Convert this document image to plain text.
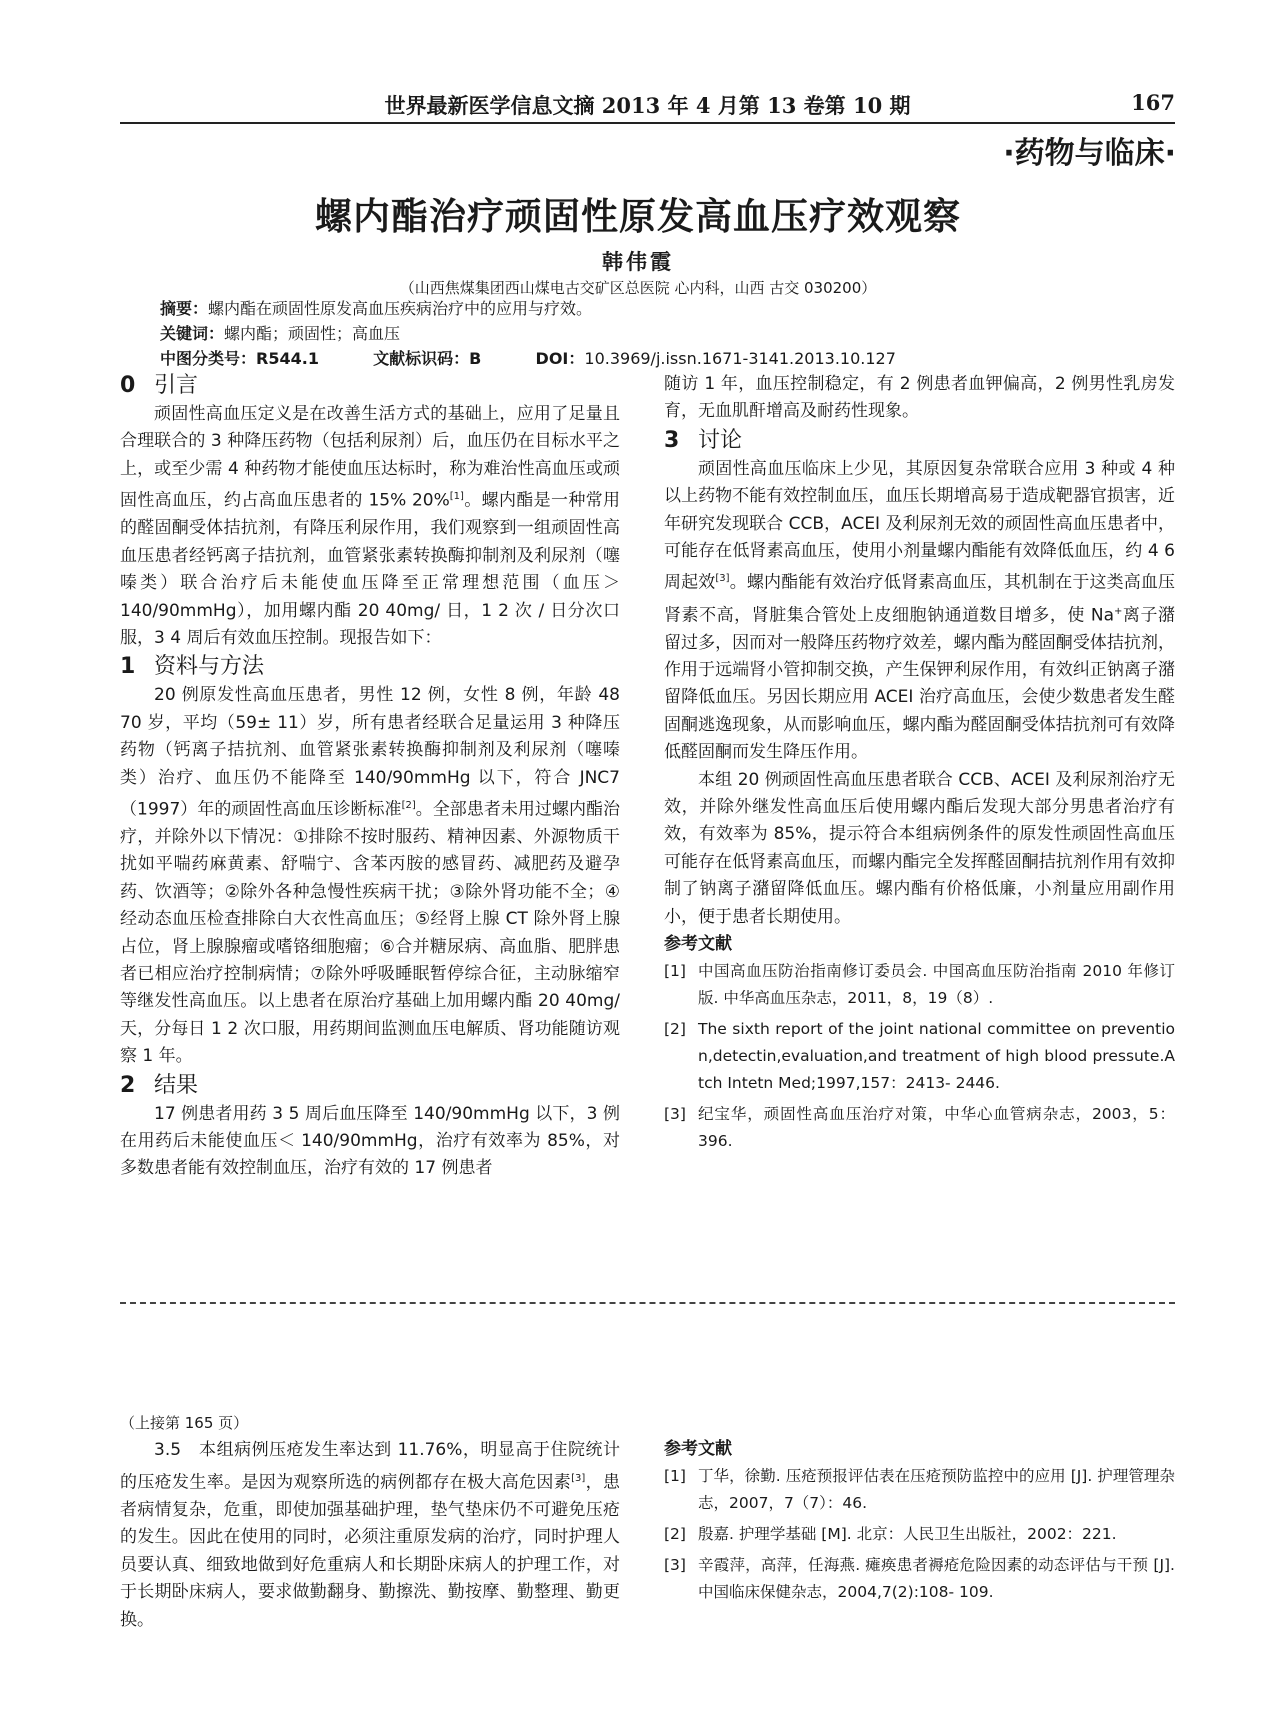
世界最新医学信息文摘 2013 年 4 月第 13 卷第 10 期	167
·药物与临床·
螺内酯治疗顽固性原发高血压疗效观察
韩伟霞
（山西焦煤集团西山煤电古交矿区总医院 心内科，山西 古交 030200）
摘要：螺内酯在顽固性原发高血压疾病治疗中的应用与疗效。
关键词：螺内酯；顽固性；高血压
中图分类号：R544.1	文献标识码：B	DOI：10.3969/j.issn.1671-3141.2013.10.127
0 引言

顽固性高血压定义是在改善生活方式的基础上，应用了足量且合理联合的 3 种降压药物（包括利尿剂）后，血压仍在目标水平之上，或至少需 4 种药物才能使血压达标时，称为难治性高血压或顽固性高血压，约占高血压患者的 15% 20%[1]。螺内酯是一种常用的醛固酮受体拮抗剂，有降压利尿作用，我们观察到一组顽固性高血压患者经钙离子拮抗剂，血管紧张素转换酶抑制剂及利尿剂（噻嗪类）联合治疗后未能使血压降至正常理想范围（血压＞ 140/90mmHg），加用螺内酯 20 40mg/ 日，1 2 次 / 日分次口服，3 4 周后有效血压控制。现报告如下：

1 资料与方法

20 例原发性高血压患者，男性 12 例，女性 8 例，年龄 48 70 岁，平均（59± 11）岁，所有患者经联合足量运用 3 种降压药物（钙离子拮抗剂、血管紧张素转换酶抑制剂及利尿剂（噻嗪类）治疗、血压仍不能降至 140/90mmHg 以下，符合 JNC7（1997）年的顽固性高血压诊断标准[2]。全部患者未用过螺内酯治疗，并除外以下情况：①排除不按时服药、精神因素、外源物质干扰如平喘药麻黄素、舒喘宁、含苯丙胺的感冒药、减肥药及避孕药、饮酒等；②除外各种急慢性疾病干扰；③除外肾功能不全；④经动态血压检查排除白大衣性高血压；⑤经肾上腺 CT 除外肾上腺占位，肾上腺腺瘤或嗜铬细胞瘤；⑥合并糖尿病、高血脂、肥胖患者已相应治疗控制病情；⑦除外呼吸睡眠暂停综合征，主动脉缩窄等继发性高血压。以上患者在原治疗基础上加用螺内酯 20 40mg/ 天，分每日 1 2 次口服，用药期间监测血压电解质、肾功能随访观察 1 年。

2 结果

17 例患者用药 3 5 周后血压降至 140/90mmHg 以下，3 例在用药后未能使血压＜ 140/90mmHg，治疗有效率为 85%，对多数患者能有效控制血压，治疗有效的 17 例患者

随访 1 年，血压控制稳定，有 2 例患者血钾偏高，2 例男性乳房发育，无血肌酐增高及耐药性现象。

3 讨论

顽固性高血压临床上少见，其原因复杂常联合应用 3 种或 4 种以上药物不能有效控制血压，血压长期增高易于造成靶器官损害，近年研究发现联合 CCB，ACEI 及利尿剂无效的顽固性高血压患者中，可能存在低肾素高血压，使用小剂量螺内酯能有效降低血压，约 4 6 周起效[3]。螺内酯能有效治疗低肾素高血压，其机制在于这类高血压肾素不高，肾脏集合管处上皮细胞钠通道数目增多，使 Na+离子潴留过多，因而对一般降压药物疗效差，螺内酯为醛固酮受体拮抗剂，作用于远端肾小管抑制交换，产生保钾利尿作用，有效纠正钠离子潴留降低血压。另因长期应用 ACEI 治疗高血压，会使少数患者发生醛固酮逃逸现象，从而影响血压，螺内酯为醛固酮受体拮抗剂可有效降低醛固酮而发生降压作用。

本组 20 例顽固性高血压患者联合 CCB、ACEI 及利尿剂治疗无效，并除外继发性高血压后使用螺内酯后发现大部分男患者治疗有效，有效率为 85%，提示符合本组病例条件的原发性顽固性高血压可能存在低肾素高血压，而螺内酯完全发挥醛固酮拮抗剂作用有效抑制了钠离子潴留降低血压。螺内酯有价格低廉，小剂量应用副作用小，便于患者长期使用。

参考文献
[1] 中国高血压防治指南修订委员会. 中国高血压防治指南 2010 年修订版. 中华高血压杂志，2011，8，19（8）.
[2] The sixth report of the joint national committee on prevention,detectin,evaluation,and treatment of high blood pressute.Atch Intetn Med;1997,157：2413- 2446.
[3] 纪宝华，顽固性高血压治疗对策，中华心血管病杂志，2003，5：396.
（上接第 165 页）

3.5　本组病例压疮发生率达到 11.76%，明显高于住院统计的压疮发生率。是因为观察所选的病例都存在极大高危因素[3]，患者病情复杂，危重，即使加强基础护理，垫气垫床仍不可避免压疮的发生。因此在使用的同时，必须注重原发病的治疗，同时护理人员要认真、细致地做到好危重病人和长期卧床病人的护理工作，对于长期卧床病人，要求做勤翻身、勤擦洗、勤按摩、勤整理、勤更换。

参考文献
[1] 丁华，徐勤. 压疮预报评估表在压疮预防监控中的应用 [J]. 护理管理杂志，2007，7（7）：46.
[2] 殷嘉. 护理学基础 [M]. 北京：人民卫生出版社，2002：221.
[3] 辛霞萍，高萍，任海燕. 瘫痪患者褥疮危险因素的动态评估与干预 [J]. 中国临床保健杂志，2004,7(2):108- 109.
